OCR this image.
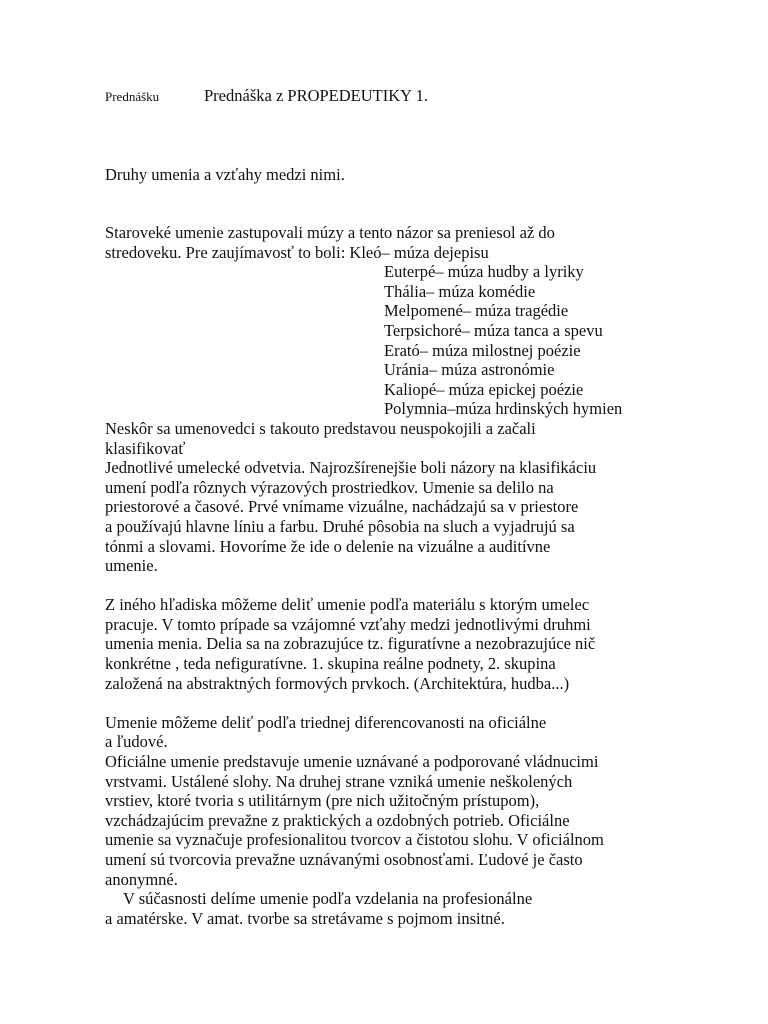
Prednášku	Prednáška z PROPEDEUTIKY 1.
Druhy umenia a vzťahy medzi nimi.
Staroveké umenie zastupovali múzy a tento názor sa preniesol až do
stredoveku. Pre zaujímavosť to boli: Kleó– múza dejepisu
Euterpé– múza hudby a lyriky
Thália– múza komédie
Melpomené– múza tragédie
Terpsichoré– múza tanca a spevu
Erató– múza milostnej poézie
Uránia– múza astronómie
Kaliopé– múza epickej poézie
Polymnia–múza hrdinských hymien
Neskôr sa umenovedci s takouto predstavou neuspokojili a začali
klasifikovať
Jednotlivé umelecké odvetvia. Najrozšírenejšie boli názory na klasifikáciu
umení podľa rôznych výrazových prostriedkov. Umenie sa delilo na
priestorové a časové. Prvé vnímame vizuálne, nachádzajú sa v priestore
a používajú hlavne líniu a farbu. Druhé pôsobia na sluch a vyjadrujú sa
tónmi a slovami. Hovoríme že ide o delenie na vizuálne a auditívne
umenie.
Z iného hľadiska môžeme deliť umenie podľa materiálu s ktorým umelec
pracuje. V tomto prípade sa vzájomné vzťahy medzi jednotlivými druhmi
umenia menia. Delia sa na zobrazujúce tz. figuratívne a nezobrazujúce nič
konkrétne , teda nefiguratívne. 1. skupina reálne podnety, 2. skupina
založená na abstraktných formových prvkoch. (Architektúra, hudba...)
Umenie môžeme deliť podľa triednej diferencovanosti na oficiálne
a ľudové.
Oficiálne umenie predstavuje umenie uznávané a podporované vládnucimi
vrstvami. Ustálené slohy. Na druhej strane vzniká umenie neškolených
vrstiev, ktoré tvoria s utilitárnym (pre nich užitočným prístupom),
vzchádzajúcim prevažne z praktických a ozdobných potrieb. Oficiálne
umenie sa vyznačuje profesionalitou tvorcov a čistotou slohu. V oficiálnom
umení sú tvorcovia prevažne uznávanými osobnosťami. Ľudové je často
anonymné.
V súčasnosti delíme umenie podľa vzdelania na profesionálne
a amatérske. V amat. tvorbe sa stretávame s pojmom insitné.
